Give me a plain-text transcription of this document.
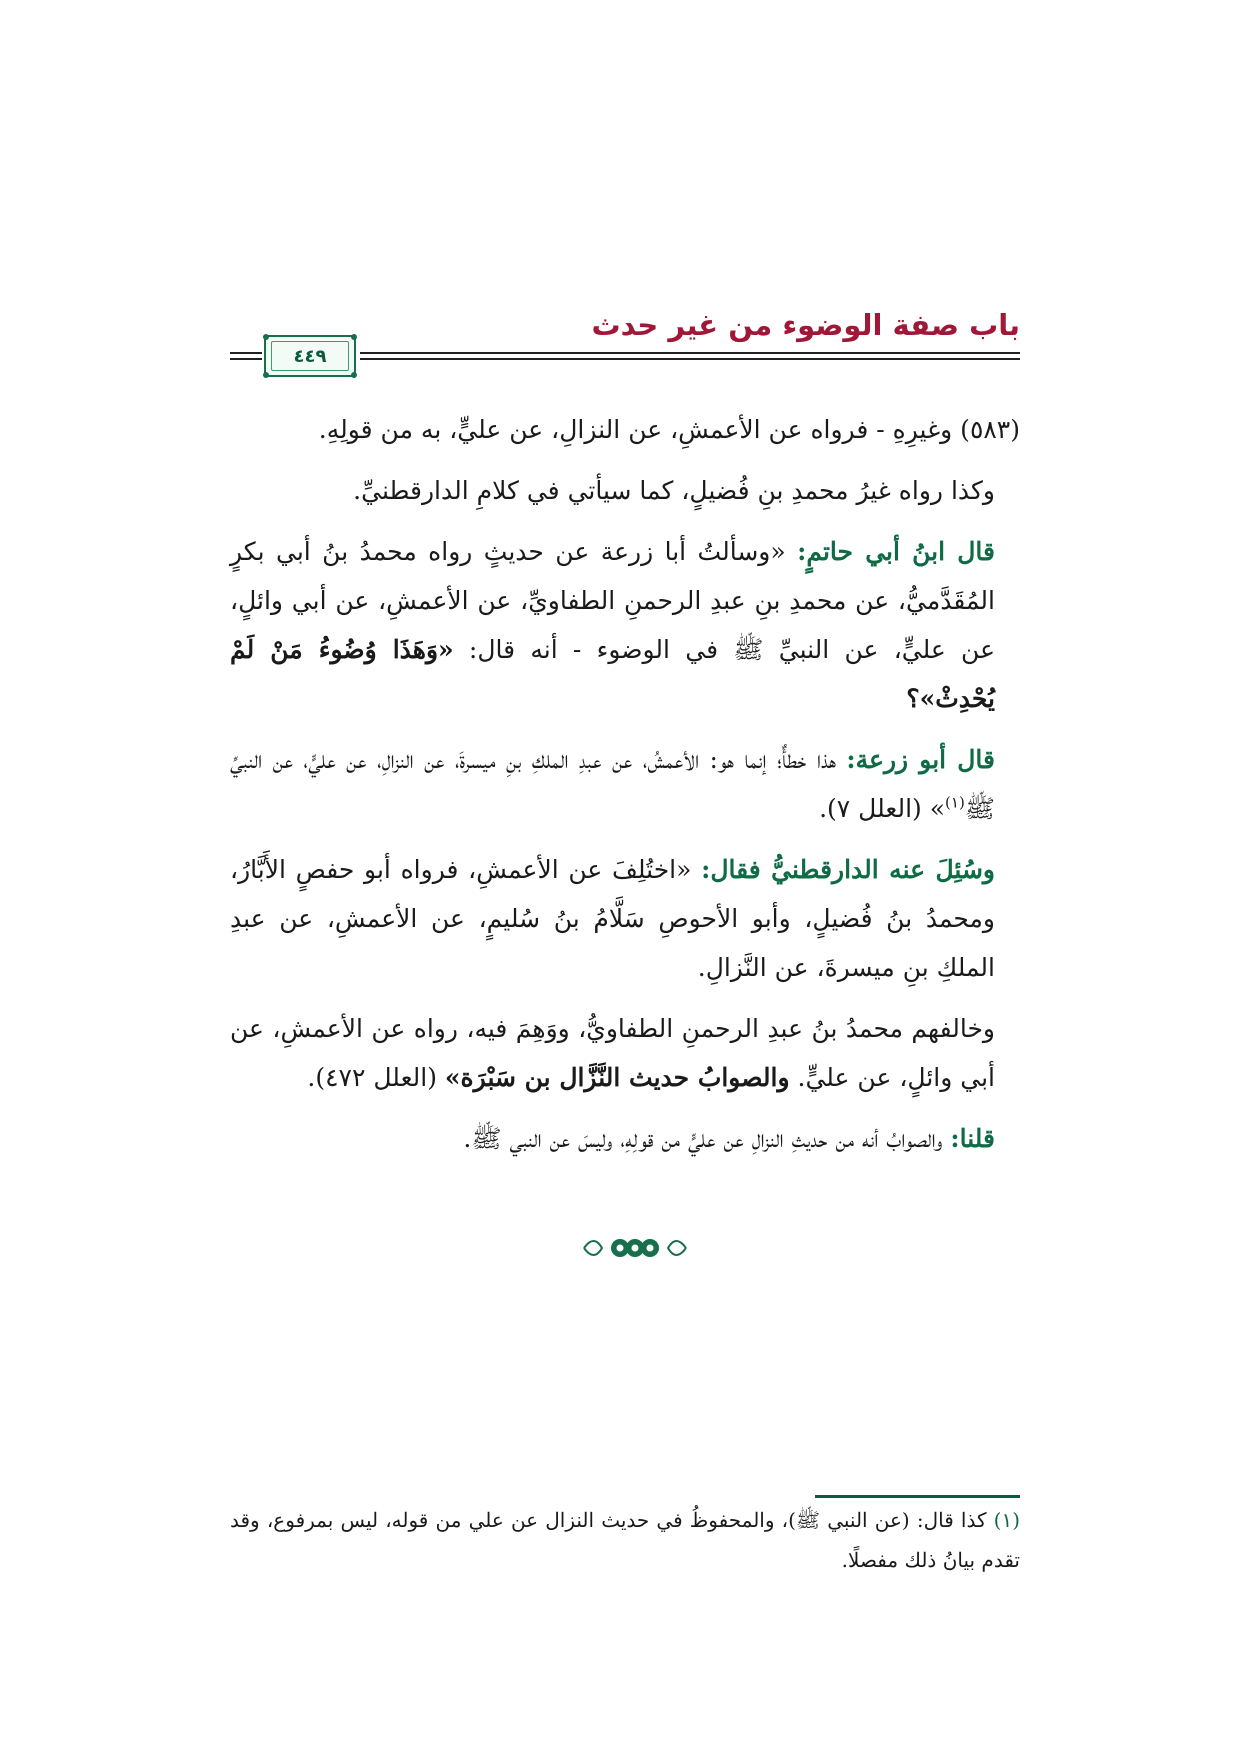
باب صفة الوضوء من غير حدث
٤٤٩

(٥٨٣) وغيرِهِ - فرواه عن الأعمشِ، عن النزالِ، عن عليٍّ، به من قولِهِ.

وكذا رواه غيرُ محمدِ بنِ فُضيلٍ، كما سيأتي في كلامِ الدارقطنيِّ.

قال ابنُ أبي حاتمٍ: «وسألتُ أبا زرعة عن حديثٍ رواه محمدُ بنُ أبي بكرٍ المُقَدَّميُّ، عن محمدِ بنِ عبدِ الرحمنِ الطفاويِّ، عن الأعمشِ، عن أبي وائلٍ، عن عليٍّ، عن النبيِّ ﷺ في الوضوء - أنه قال: «وَهَذَا وُضُوءُ مَنْ لَمْ يُحْدِثْ»؟

قال أبو زرعة: هذا خطأٌ؛ إنما هو: الأعمشُ، عن عبدِ الملكِ بنِ ميسرةَ، عن النزالِ، عن عليٍّ، عن النبيِّ ﷺ$^{(١)}$» (العلل ٧).

وسُئِلَ عنه الدارقطنيُّ فقال: «اختُلِفَ عن الأعمشِ، فرواه أبو حفصٍ الأَبَّارُ، ومحمدُ بنُ فُضيلٍ، وأبو الأحوصِ سَلَّامُ بنُ سُليمٍ، عن الأعمشِ، عن عبدِ الملكِ بنِ ميسرةَ، عن النَّزالِ.

وخالفهم محمدُ بنُ عبدِ الرحمنِ الطفاويُّ، ووَهِمَ فيه، رواه عن الأعمشِ، عن أبي وائلٍ، عن عليٍّ. والصوابُ حديث النَّزَّال بن سَبْرَة» (العلل ٤٧٢).

قلنا: والصوابُ أنه من حديثِ النزالِ عن عليٍّ من قولِهِ، وليسَ عن النبي ﷺ.

(١) كذا قال: (عن النبي ﷺ)، والمحفوظُ في حديث النزال عن علي من قوله، ليس بمرفوع، وقد تقدم بيانُ ذلك مفصلًا.
